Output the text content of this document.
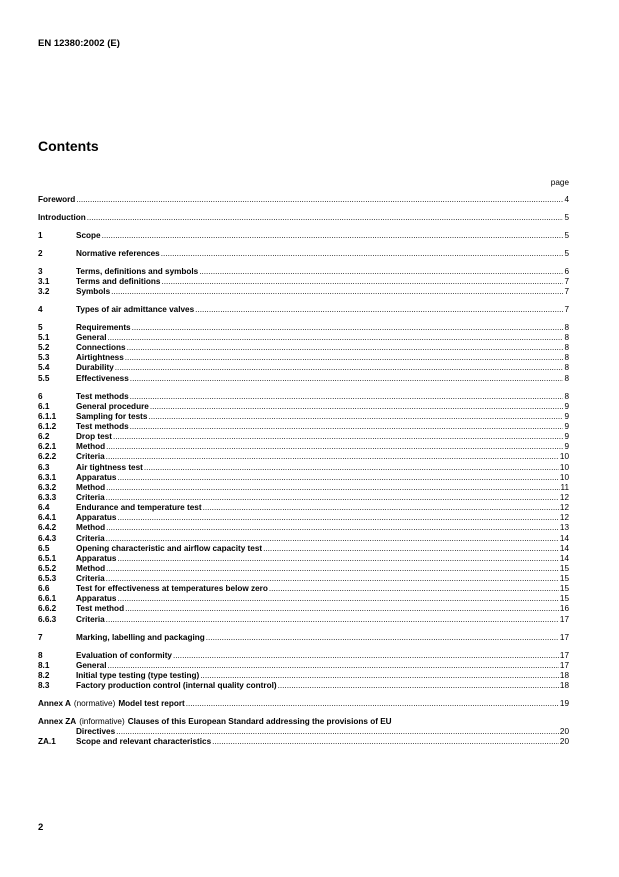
EN 12380:2002 (E)
Contents
page
Foreword .....	4
Introduction .....	5
1	Scope .....	5
2	Normative references .....	5
3	Terms, definitions and symbols .....	6
3.1	Terms and definitions .....	7
3.2	Symbols .....	7
4	Types of air admittance valves .....	7
5	Requirements .....	8
5.1	General .....	8
5.2	Connections .....	8
5.3	Airtightness .....	8
5.4	Durability .....	8
5.5	Effectiveness .....	8
6	Test methods .....	8
6.1	General procedure .....	9
6.1.1	Sampling for tests .....	9
6.1.2	Test methods .....	9
6.2	Drop test .....	9
6.2.1	Method .....	9
6.2.2	Criteria .....	10
6.3	Air tightness test .....	10
6.3.1	Apparatus .....	10
6.3.2	Method .....	11
6.3.3	Criteria .....	12
6.4	Endurance and temperature test .....	12
6.4.1	Apparatus .....	12
6.4.2	Method .....	13
6.4.3	Criteria .....	14
6.5	Opening characteristic and airflow capacity test .....	14
6.5.1	Apparatus .....	14
6.5.2	Method .....	15
6.5.3	Criteria .....	15
6.6	Test for effectiveness at temperatures below zero .....	15
6.6.1	Apparatus .....	15
6.6.2	Test method .....	16
6.6.3	Criteria .....	17
7	Marking, labelling and packaging .....	17
8	Evaluation of conformity .....	17
8.1	General .....	17
8.2	Initial type testing (type testing) .....	18
8.3	Factory production control (internal quality control) .....	18
Annex A (normative) Model test report .....	19
Annex ZA (informative) Clauses of this European Standard addressing the provisions of EU
Directives .....	20
ZA.1	Scope and relevant characteristics .....	20
2
